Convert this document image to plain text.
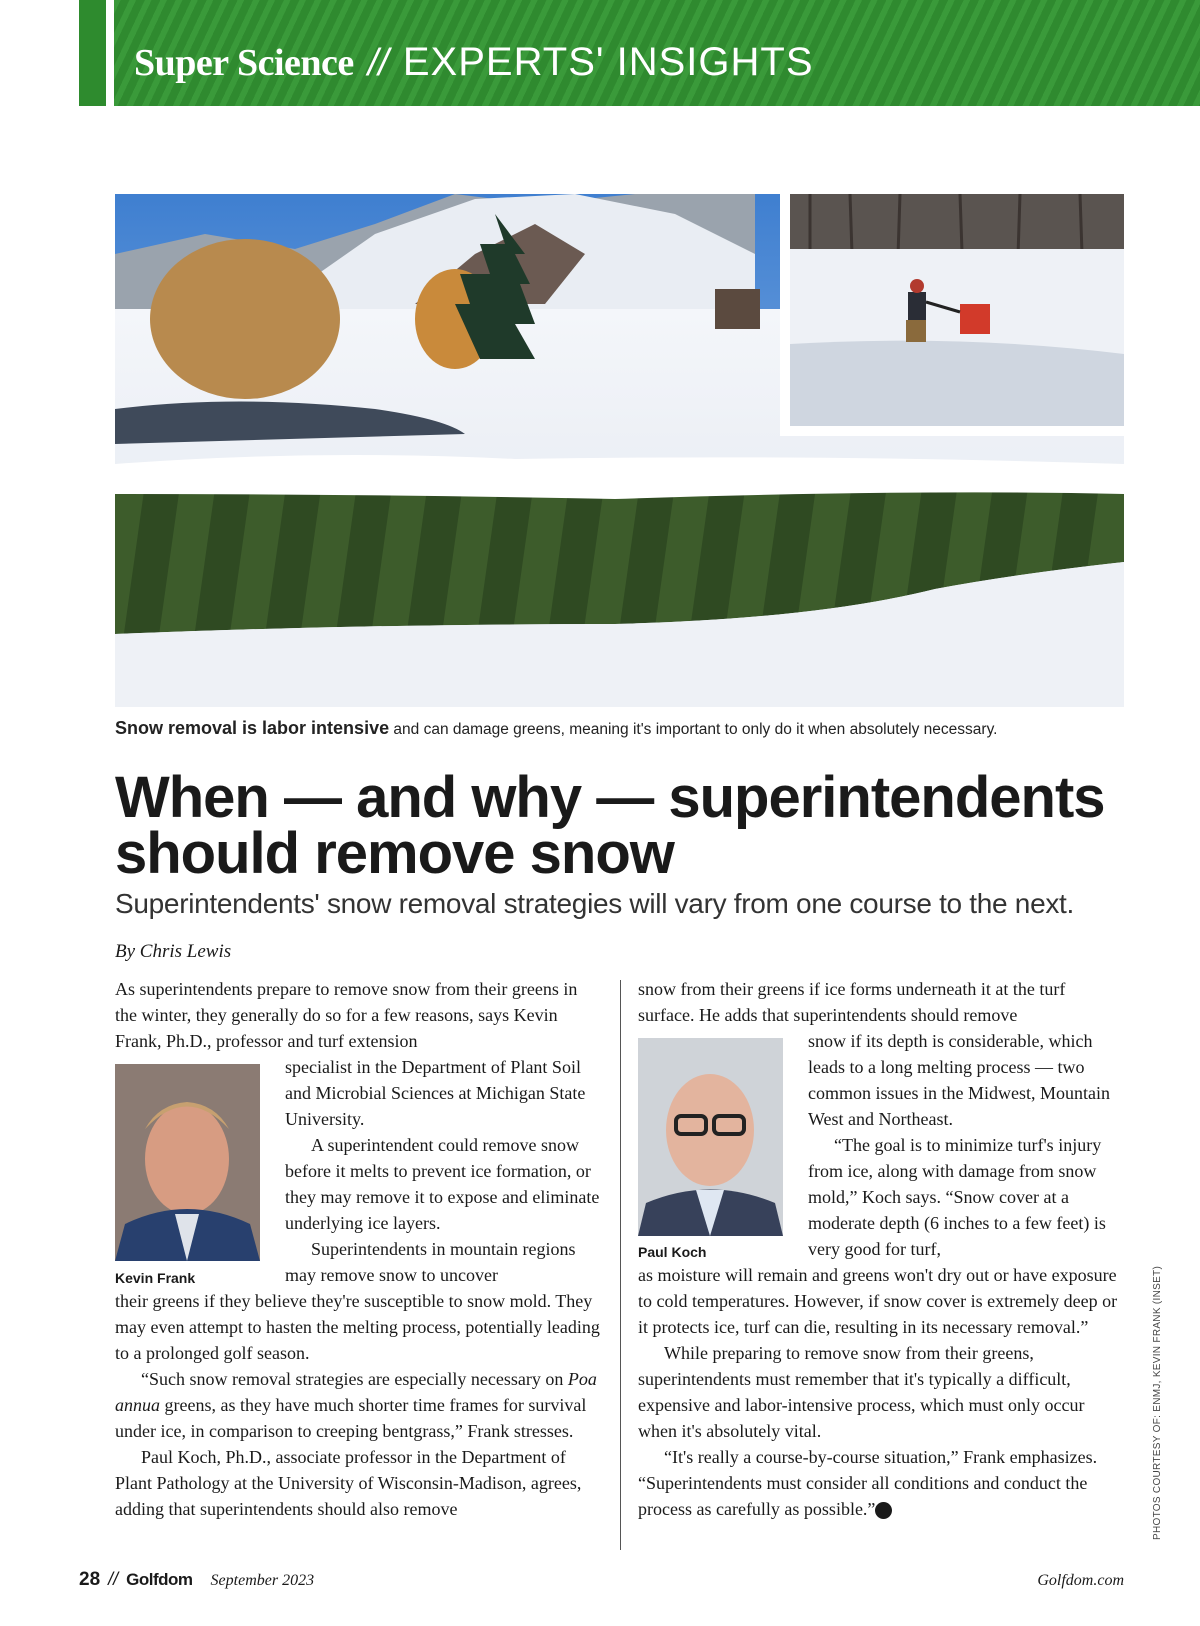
Super Science // EXPERTS' INSIGHTS
Snow removal is labor intensive and can damage greens, meaning it's important to only do it when absolutely necessary.
When — and why — superintendents
should remove snow
Superintendents' snow removal strategies will vary from one course to the next.
By Chris Lewis

As superintendents prepare to remove snow from their greens in the winter, they generally do so for a few reasons, says Kevin Frank, Ph.D., professor and turf extension

Kevin Frank

specialist in the Department of Plant Soil and Microbial Sciences at Michigan State University.

A superintendent could remove snow before it melts to prevent ice formation, or they may remove it to expose and eliminate underlying ice layers.

Superintendents in mountain regions may remove snow to uncover

their greens if they believe they're susceptible to snow mold. They may even attempt to hasten the melting process, potentially leading to a prolonged golf season.

“Such snow removal strategies are especially necessary on Poa annua greens, as they have much shorter time frames for survival under ice, in comparison to creeping bentgrass,” Frank stresses.

Paul Koch, Ph.D., associate professor in the Department of Plant Pathology at the University of Wisconsin-Madison, agrees, adding that superintendents should also remove

snow from their greens if ice forms underneath it at the turf surface. He adds that superintendents should remove

Paul Koch

snow if its depth is considerable, which leads to a long melting process — two common issues in the Midwest, Mountain West and Northeast.

“The goal is to minimize turf's injury from ice, along with damage from snow mold,” Koch says. “Snow cover at a moderate depth (6 inches to a few feet) is very good for turf,

as moisture will remain and greens won't dry out or have exposure to cold temperatures. However, if snow cover is extremely deep or it protects ice, turf can die, resulting in its necessary removal.”

While preparing to remove snow from their greens, superintendents must remember that it's typically a difficult, expensive and labor-intensive process, which must only occur when it's absolutely vital.

“It's really a course-by-course situation,” Frank emphasizes. “Superintendents must consider all conditions and conduct the process as carefully as possible.” G	PHOTOS COURTESY OF: ENMJ, KEVIN FRANK (INSET)
28 // Golfdom September 2023	Golfdom.com
